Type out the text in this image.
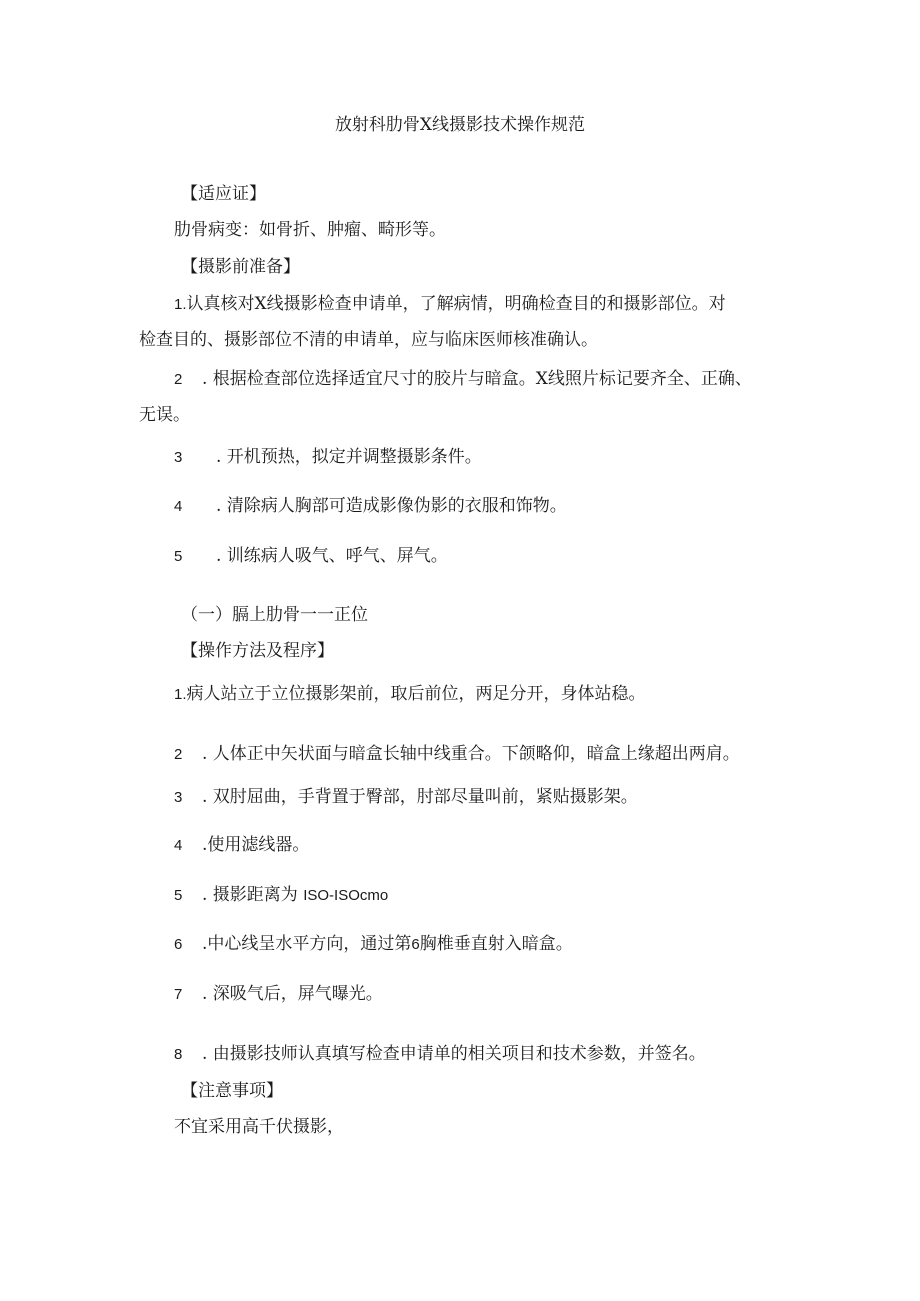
放射科肋骨X线摄影技术操作规范
【适应证】
肋骨病变：如骨折、肿瘤、畸形等。
【摄影前准备】
1.认真核对X线摄影检查申请单，了解病情，明确检查目的和摄影部位。对
检查目的、摄影部位不清的申请单，应与临床医师核准确认。
2 . 根据检查部位选择适宜尺寸的胶片与暗盒。X线照片标记要齐全、正确、
无误。
3 . 开机预热，拟定并调整摄影条件。
4 . 清除病人胸部可造成影像伪影的衣服和饰物。
5 . 训练病人吸气、呼气、屏气。
（一）膈上肋骨一一正位
【操作方法及程序】
1.病人站立于立位摄影架前，取后前位，两足分开，身体站稳。
2 . 人体正中矢状面与暗盒长轴中线重合。下颌略仰，暗盒上缘超出两肩。
3 . 双肘屈曲，手背置于臀部，肘部尽量叫前，紧贴摄影架。
4 .使用滤线器。
5 . 摄影距离为 ISO-ISOcmo
6 .中心线呈水平方向，通过第6胸椎垂直射入暗盒。
7 . 深吸气后，屏气曝光。
8 . 由摄影技师认真填写检查申请单的相关项目和技术参数，并签名。
【注意事项】
不宜采用高千伏摄影，
